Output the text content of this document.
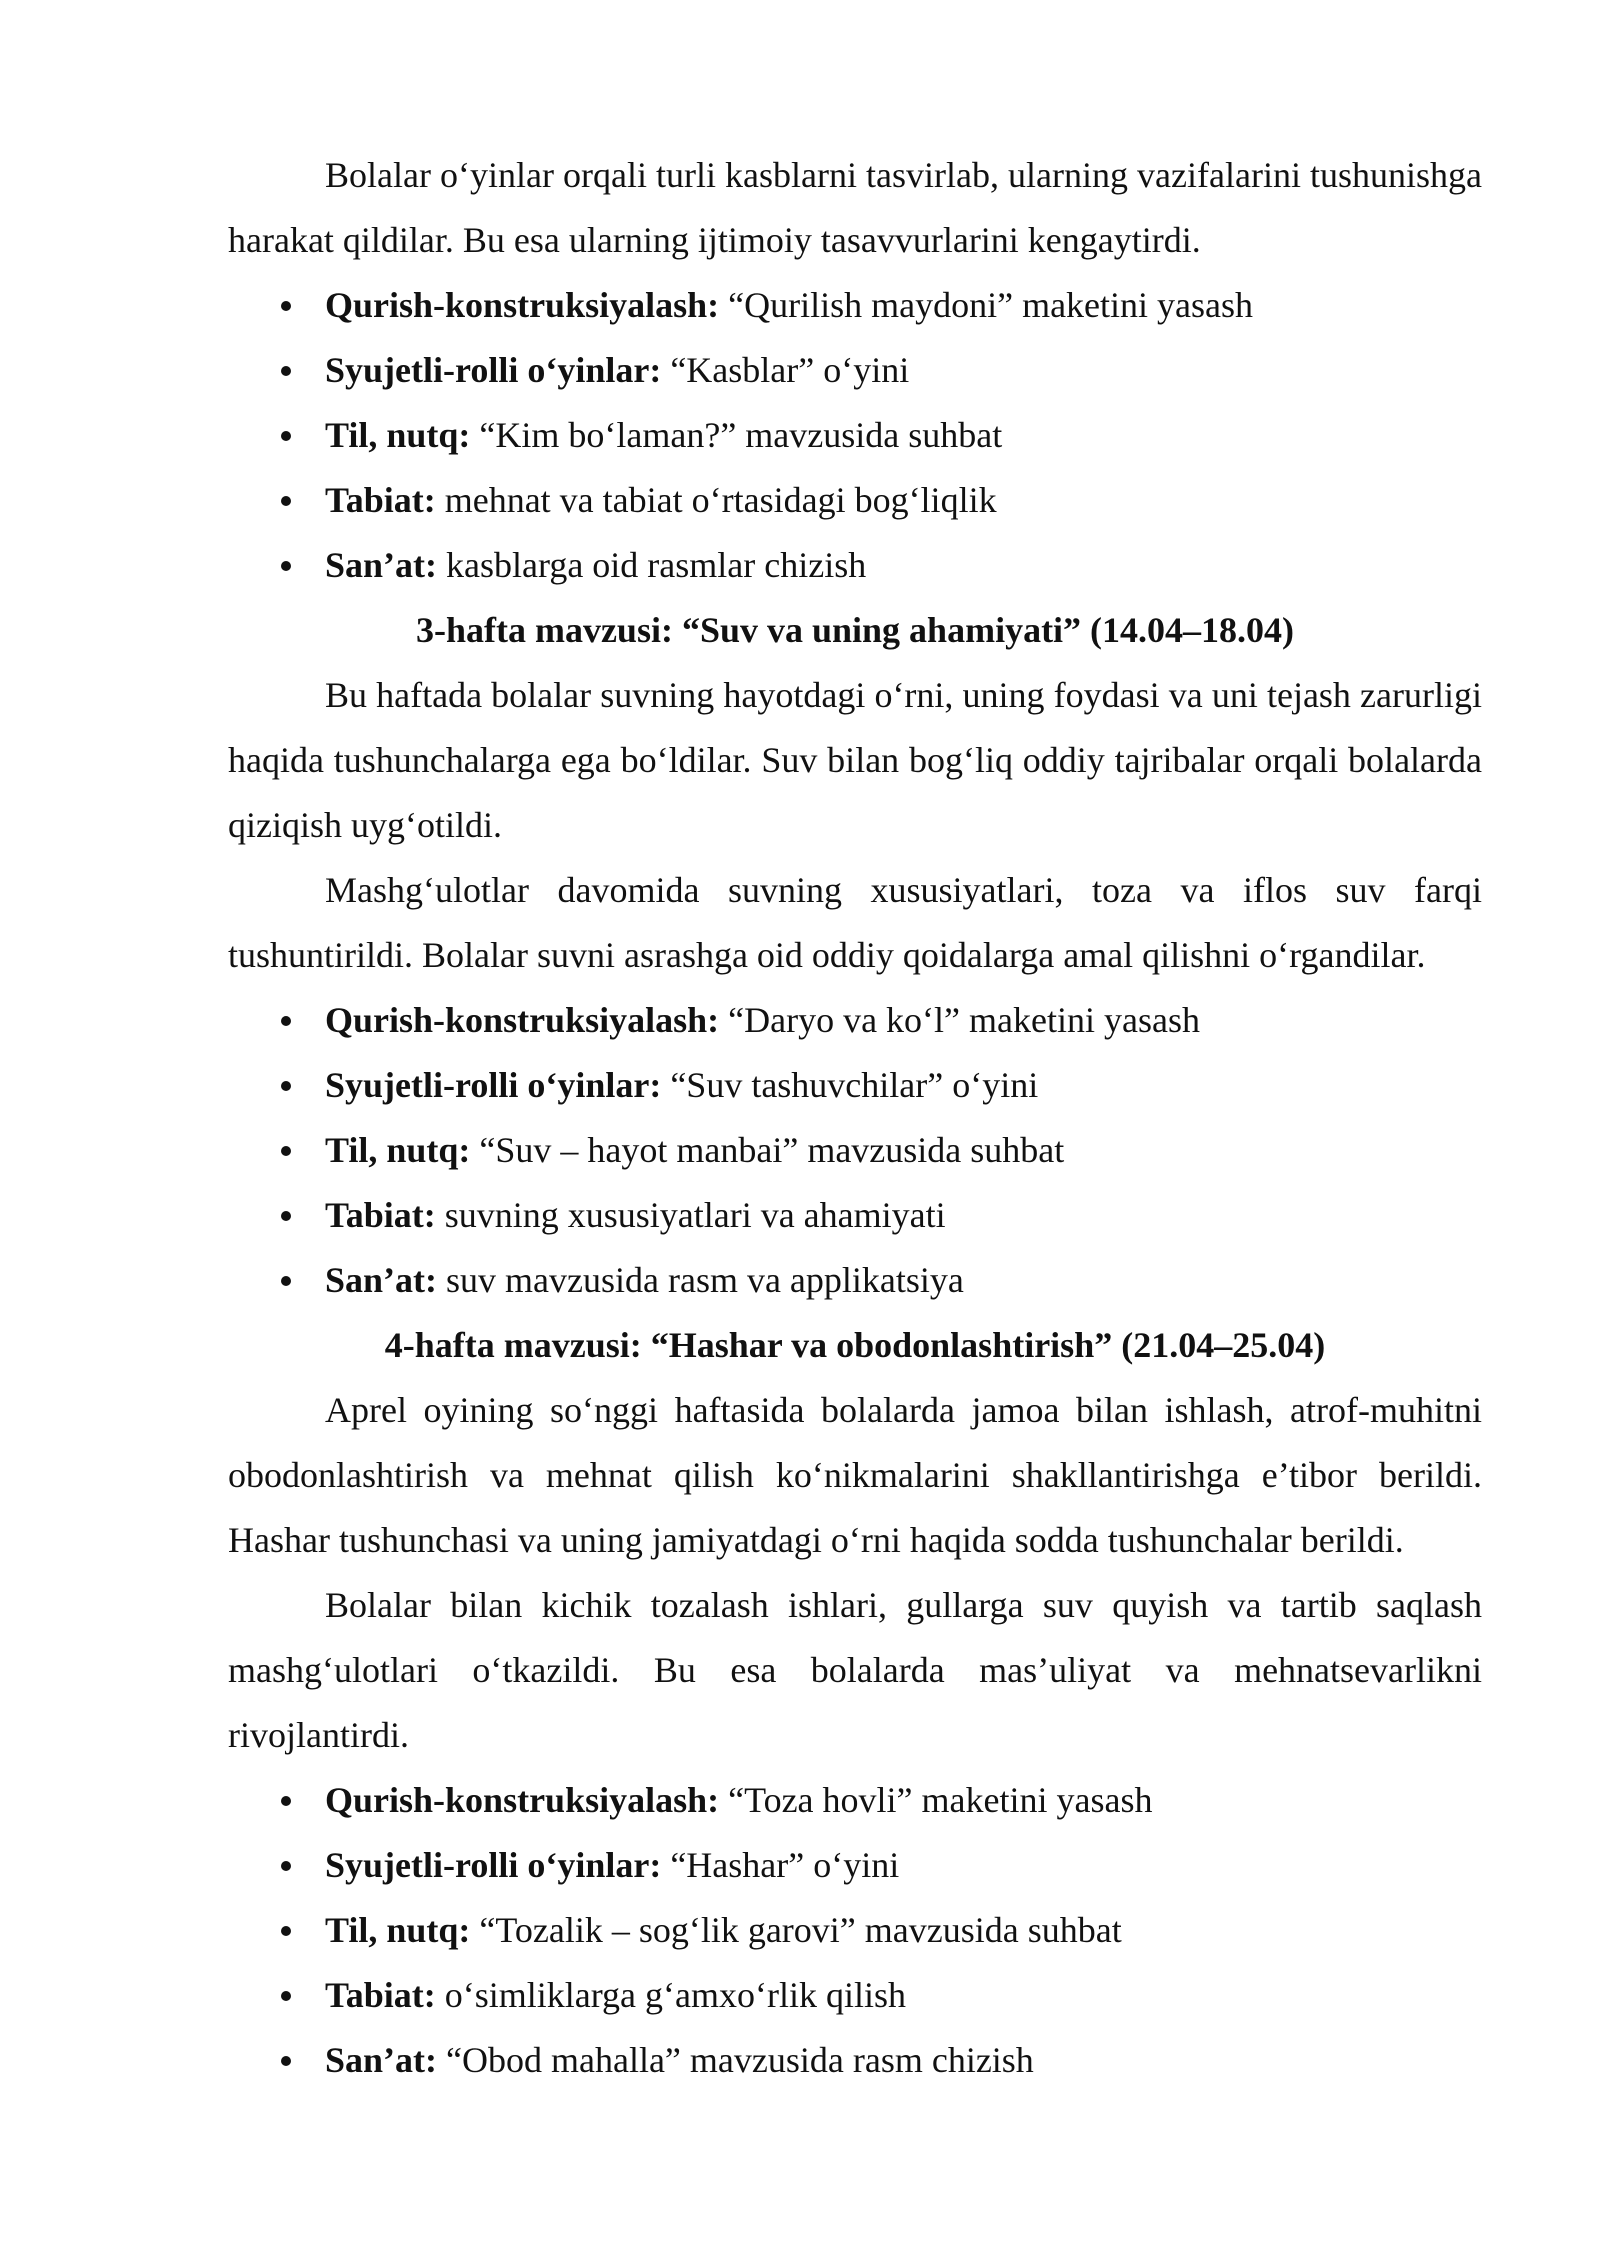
Bolalar o‘yinlar orqali turli kasblarni tasvirlab, ularning vazifalarini tushunishga harakat qildilar. Bu esa ularning ijtimoiy tasavvurlarini kengaytirdi.

Qurish-konstruksiyalash: “Qurilish maydoni” maketini yasash
Syujetli-rolli o‘yinlar: “Kasblar” o‘yini
Til, nutq: “Kim bo‘laman?” mavzusida suhbat
Tabiat: mehnat va tabiat o‘rtasidagi bog‘liqlik
San’at: kasblarga oid rasmlar chizish

3-hafta mavzusi: “Suv va uning ahamiyati” (14.04–18.04)

Bu haftada bolalar suvning hayotdagi o‘rni, uning foydasi va uni tejash zarurligi haqida tushunchalarga ega bo‘ldilar. Suv bilan bog‘liq oddiy tajribalar orqali bolalarda qiziqish uyg‘otildi.

Mashg‘ulotlar davomida suvning xususiyatlari, toza va iflos suv farqi tushuntirildi. Bolalar suvni asrashga oid oddiy qoidalarga amal qilishni o‘rgandilar.

Qurish-konstruksiyalash: “Daryo va ko‘l” maketini yasash
Syujetli-rolli o‘yinlar: “Suv tashuvchilar” o‘yini
Til, nutq: “Suv – hayot manbai” mavzusida suhbat
Tabiat: suvning xususiyatlari va ahamiyati
San’at: suv mavzusida rasm va applikatsiya

4-hafta mavzusi: “Hashar va obodonlashtirish” (21.04–25.04)

Aprel oyining so‘nggi haftasida bolalarda jamoa bilan ishlash, atrof-muhitni obodonlashtirish va mehnat qilish ko‘nikmalarini shakllantirishga e’tibor berildi. Hashar tushunchasi va uning jamiyatdagi o‘rni haqida sodda tushunchalar berildi.

Bolalar bilan kichik tozalash ishlari, gullarga suv quyish va tartib saqlash mashg‘ulotlari o‘tkazildi. Bu esa bolalarda mas’uliyat va mehnatsevarlikni rivojlantirdi.

Qurish-konstruksiyalash: “Toza hovli” maketini yasash
Syujetli-rolli o‘yinlar: “Hashar” o‘yini
Til, nutq: “Tozalik – sog‘lik garovi” mavzusida suhbat
Tabiat: o‘simliklarga g‘amxo‘rlik qilish
San’at: “Obod mahalla” mavzusida rasm chizish
